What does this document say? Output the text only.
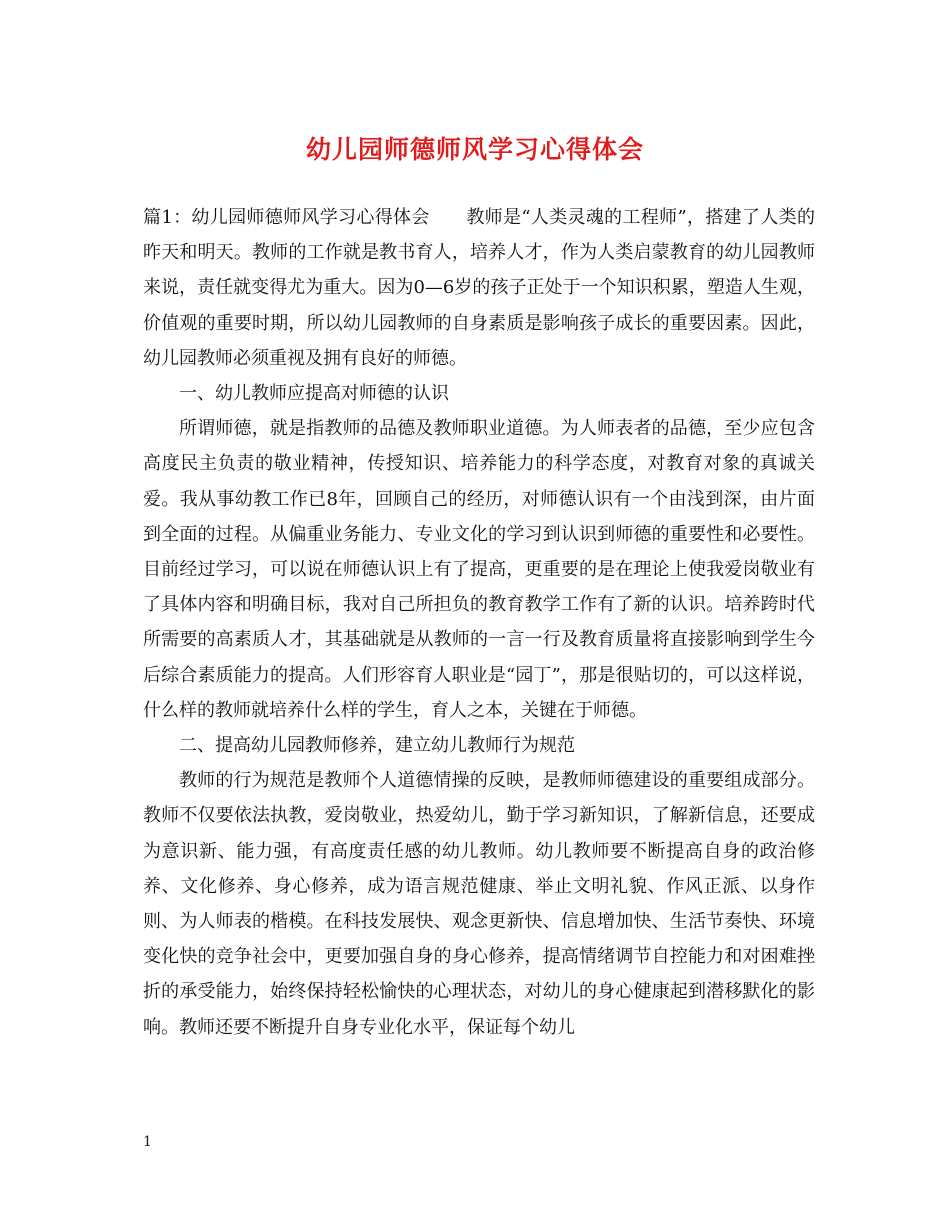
幼儿园师德师风学习心得体会

篇1：幼儿园师德师风学习心得体会　　教师是“人类灵魂的工程师”，搭建了人类的昨天和明天。教师的工作就是教书育人，培养人才，作为人类启蒙教育的幼儿园教师来说，责任就变得尤为重大。因为0—6岁的孩子正处于一个知识积累，塑造人生观，价值观的重要时期，所以幼儿园教师的自身素质是影响孩子成长的重要因素。因此，幼儿园教师必须重视及拥有良好的师德。

一、幼儿教师应提高对师德的认识

所谓师德，就是指教师的品德及教师职业道德。为人师表者的品德，至少应包含高度民主负责的敬业精神，传授知识、培养能力的科学态度，对教育对象的真诚关爱。我从事幼教工作已8年，回顾自己的经历，对师德认识有一个由浅到深，由片面到全面的过程。从偏重业务能力、专业文化的学习到认识到师德的重要性和必要性。目前经过学习，可以说在师德认识上有了提高，更重要的是在理论上使我爱岗敬业有了具体内容和明确目标，我对自己所担负的教育教学工作有了新的认识。培养跨时代所需要的高素质人才，其基础就是从教师的一言一行及教育质量将直接影响到学生今后综合素质能力的提高。人们形容育人职业是“园丁”，那是很贴切的，可以这样说，什么样的教师就培养什么样的学生，育人之本，关键在于师德。

二、提高幼儿园教师修养，建立幼儿教师行为规范

教师的行为规范是教师个人道德情操的反映，是教师师德建设的重要组成部分。教师不仅要依法执教，爱岗敬业，热爱幼儿，勤于学习新知识，了解新信息，还要成为意识新、能力强，有高度责任感的幼儿教师。幼儿教师要不断提高自身的政治修养、文化修养、身心修养，成为语言规范健康、举止文明礼貌、作风正派、以身作则、为人师表的楷模。在科技发展快、观念更新快、信息增加快、生活节奏快、环境变化快的竞争社会中，更要加强自身的身心修养，提高情绪调节自控能力和对困难挫折的承受能力，始终保持轻松愉快的心理状态，对幼儿的身心健康起到潜移默化的影响。教师还要不断提升自身专业化水平，保证每个幼儿

1
